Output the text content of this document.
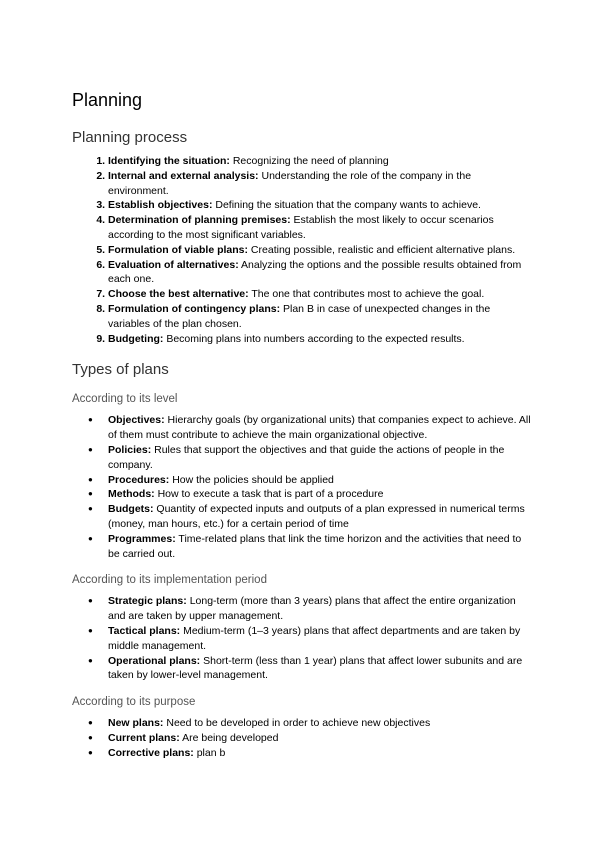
Planning
Planning process
1. Identifying the situation: Recognizing the need of planning
2. Internal and external analysis: Understanding the role of the company in the environment.
3. Establish objectives: Defining the situation that the company wants to achieve.
4. Determination of planning premises: Establish the most likely to occur scenarios according to the most significant variables.
5. Formulation of viable plans: Creating possible, realistic and efficient alternative plans.
6. Evaluation of alternatives: Analyzing the options and the possible results obtained from each one.
7. Choose the best alternative: The one that contributes most to achieve the goal.
8. Formulation of contingency plans: Plan B in case of unexpected changes in the variables of the plan chosen.
9. Budgeting: Becoming plans into numbers according to the expected results.
Types of plans
According to its level
● Objectives: Hierarchy goals (by organizational units) that companies expect to achieve. All of them must contribute to achieve the main organizational objective.
● Policies: Rules that support the objectives and that guide the actions of people in the company.
● Procedures: How the policies should be applied
● Methods: How to execute a task that is part of a procedure
● Budgets: Quantity of expected inputs and outputs of a plan expressed in numerical terms (money, man hours, etc.) for a certain period of time
● Programmes: Time-related plans that link the time horizon and the activities that need to be carried out.
According to its implementation period
● Strategic plans: Long-term (more than 3 years) plans that affect the entire organization and are taken by upper management.
● Tactical plans: Medium-term (1–3 years) plans that affect departments and are taken by middle management.
● Operational plans: Short-term (less than 1 year) plans that affect lower subunits and are taken by lower-level management.
According to its purpose
● New plans: Need to be developed in order to achieve new objectives
● Current plans: Are being developed
● Corrective plans: plan b
